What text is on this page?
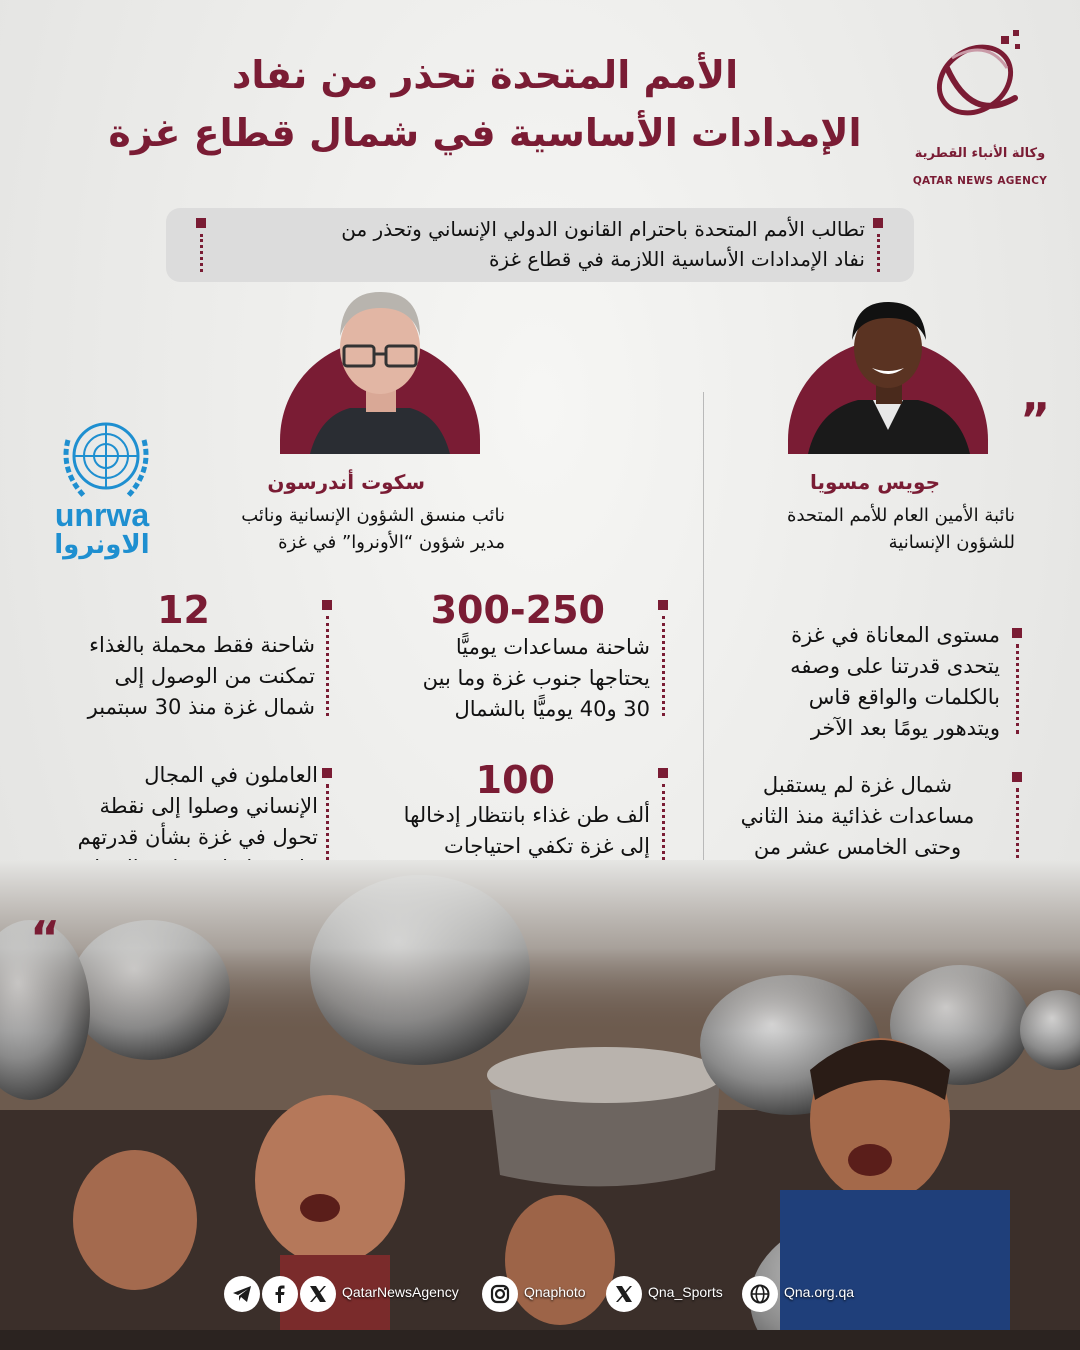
وكالة الأنباء القطرية
QATAR NEWS AGENCY
الأمم المتحدة تحذر من نفاد
الإمدادات الأساسية في شمال قطاع غزة
تطالب الأمم المتحدة باحترام القانون الدولي الإنساني وتحذر من
نفاد الإمدادات الأساسية اللازمة في قطاع غزة
”
جويس مسويا
نائبة الأمين العام للأمم المتحدة
للشؤون الإنسانية
سكوت أندرسون
نائب منسق الشؤون الإنسانية ونائب
مدير شؤون “الأونروا” في غزة
unrwa
الاونروا
مستوى المعاناة في غزة
يتحدى قدرتنا على وصفه
بالكلمات والواقع قاس
ويتدهور يومًا بعد الآخر
شمال غزة لم يستقبل
مساعدات غذائية منذ الثاني
وحتى الخامس عشر من
300-250
شاحنة مساعدات يوميًّا
يحتاجها جنوب غزة وما بين
30 و40 يوميًّا بالشمال
100
ألف طن غذاء بانتظار إدخالها
إلى غزة تكفي احتياجات
12
شاحنة فقط محملة بالغذاء
تمكنت من الوصول إلى
شمال غزة منذ 30 سبتمبر
العاملون في المجال
الإنساني وصلوا إلى نقطة
تحول في غزة بشأن قدرتهم
“
QatarNewsAgency	Qnaphoto	Qna_Sports	Qna.org.qa
